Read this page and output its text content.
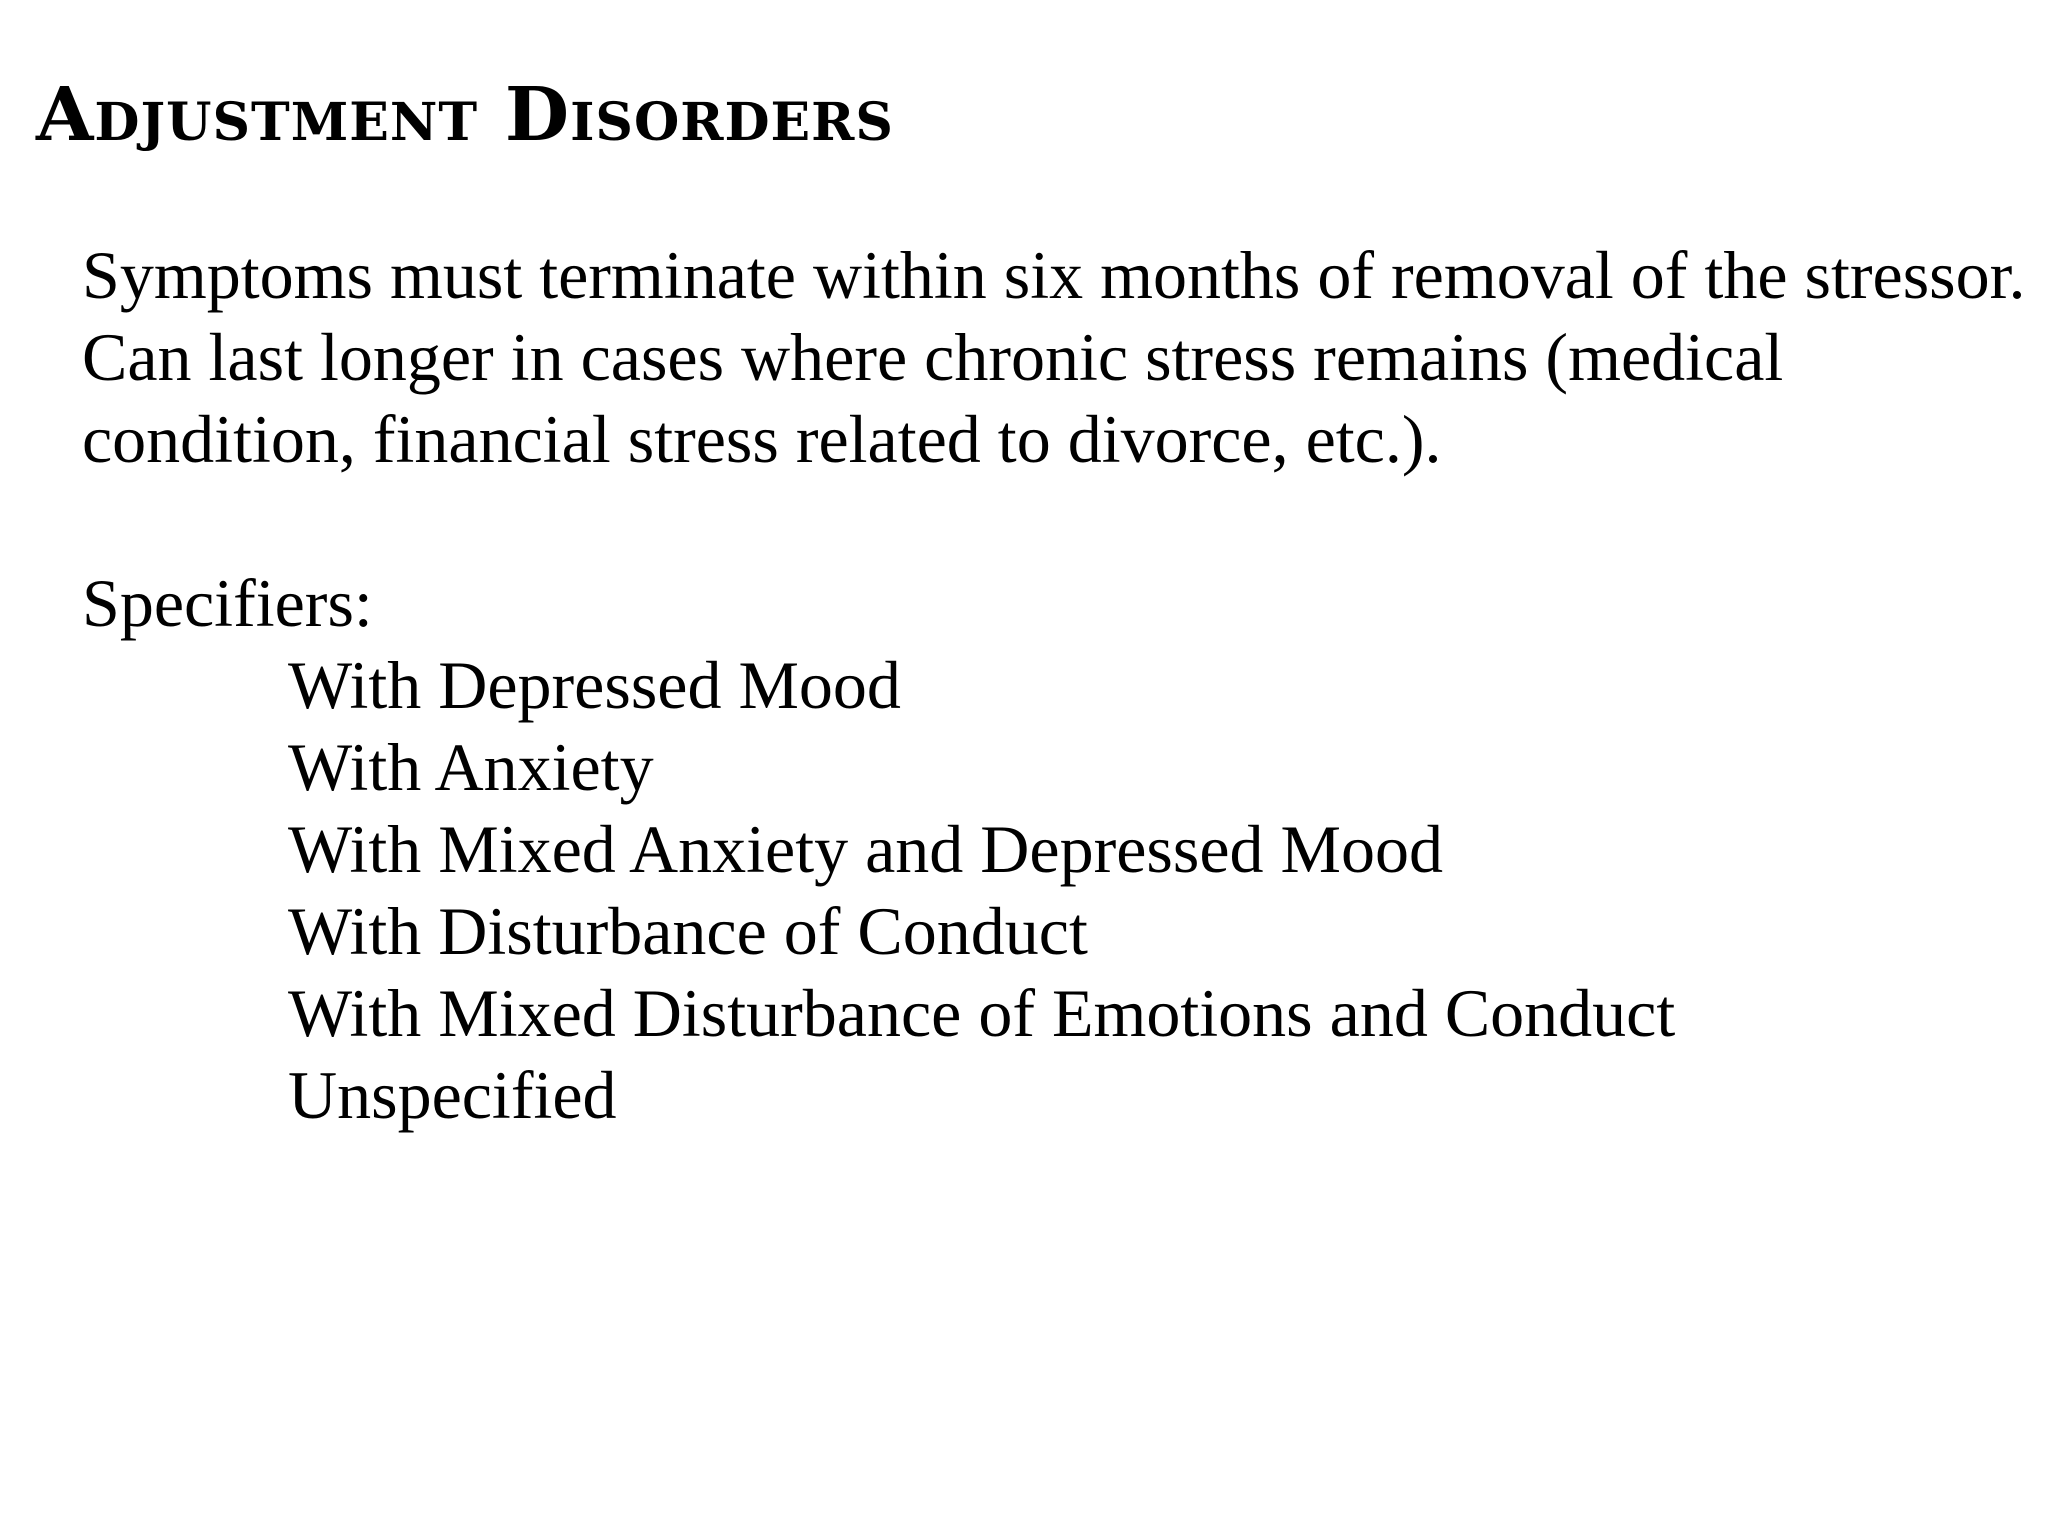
Adjustment Disorders

Symptoms must terminate within six months of removal of the stressor.

Can last longer in cases where chronic stress remains (medical

condition, financial stress related to divorce, etc.).

Specifiers:

With Depressed Mood
With Anxiety
With Mixed Anxiety and Depressed Mood
With Disturbance of Conduct
With Mixed Disturbance of Emotions and Conduct
Unspecified
